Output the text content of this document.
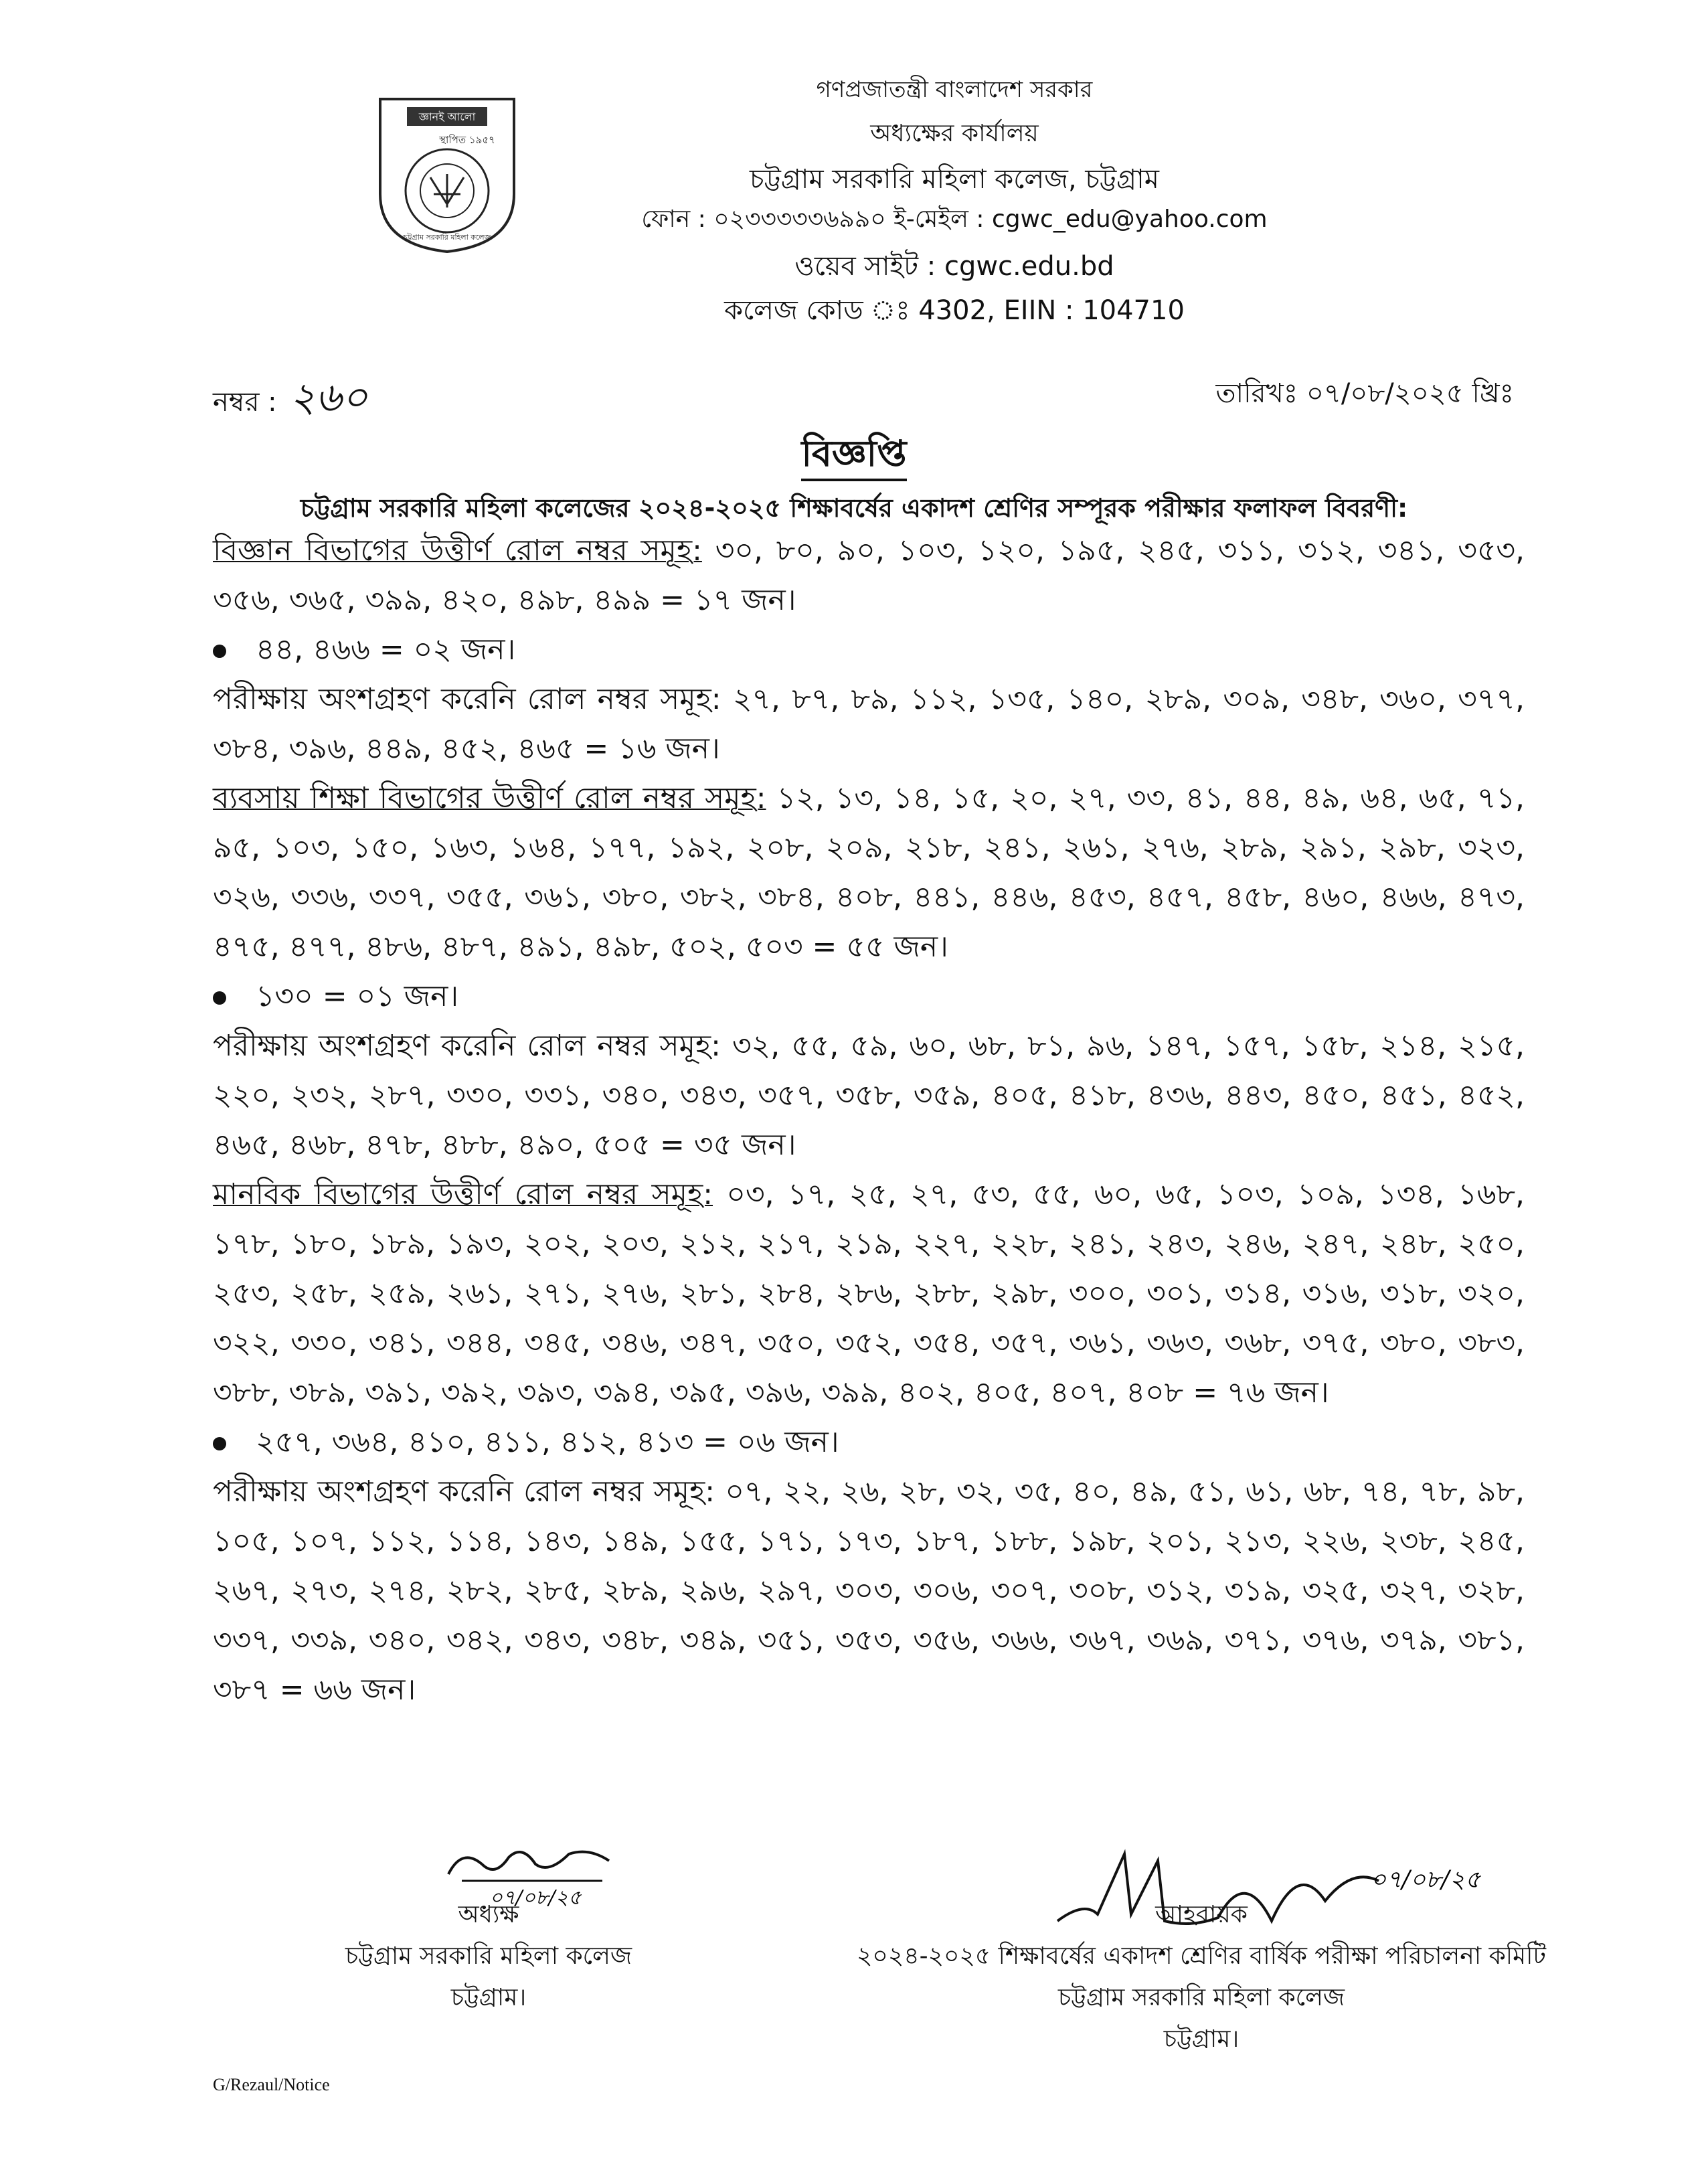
জ্ঞানই আলো
স্থাপিত ১৯৫৭
চট্টগ্রাম সরকারি মহিলা কলেজ
গণপ্রজাতন্ত্রী বাংলাদেশ সরকার
অধ্যক্ষের কার্যালয়
চট্টগ্রাম সরকারি মহিলা কলেজ, চট্টগ্রাম
ফোন : ০২৩৩৩৩৩৬৯৯০ ই-মেইল : cgwc_edu@yahoo.com
ওয়েব সাইট : cgwc.edu.bd
কলেজ কোড ঃ 4302, EIIN : 104710
নম্বর : ২৬০	তারিখঃ ০৭/০৮/২০২৫ খ্রিঃ
বিজ্ঞপ্তি
চট্টগ্রাম সরকারি মহিলা কলেজের ২০২৪-২০২৫ শিক্ষাবর্ষের একাদশ শ্রেণির সম্পূরক পরীক্ষার ফলাফল বিবরণী:

বিজ্ঞান বিভাগের উত্তীর্ণ রোল নম্বর সমূহ: ৩০, ৮০, ৯০, ১০৩, ১২০, ১৯৫, ২৪৫, ৩১১, ৩১২, ৩৪১, ৩৫৩, ৩৫৬, ৩৬৫, ৩৯৯, ৪২০, ৪৯৮, ৪৯৯ = ১৭ জন।

৪৪, ৪৬৬ = ০২ জন।

পরীক্ষায় অংশগ্রহণ করেনি রোল নম্বর সমূহ: ২৭, ৮৭, ৮৯, ১১২, ১৩৫, ১৪০, ২৮৯, ৩০৯, ৩৪৮, ৩৬০, ৩৭৭, ৩৮৪, ৩৯৬, ৪৪৯, ৪৫২, ৪৬৫ = ১৬ জন।

ব্যবসায় শিক্ষা বিভাগের উত্তীর্ণ রোল নম্বর সমূহ: ১২, ১৩, ১৪, ১৫, ২০, ২৭, ৩৩, ৪১, ৪৪, ৪৯, ৬৪, ৬৫, ৭১, ৯৫, ১০৩, ১৫০, ১৬৩, ১৬৪, ১৭৭, ১৯২, ২০৮, ২০৯, ২১৮, ২৪১, ২৬১, ২৭৬, ২৮৯, ২৯১, ২৯৮, ৩২৩, ৩২৬, ৩৩৬, ৩৩৭, ৩৫৫, ৩৬১, ৩৮০, ৩৮২, ৩৮৪, ৪০৮, ৪৪১, ৪৪৬, ৪৫৩, ৪৫৭, ৪৫৮, ৪৬০, ৪৬৬, ৪৭৩, ৪৭৫, ৪৭৭, ৪৮৬, ৪৮৭, ৪৯১, ৪৯৮, ৫০২, ৫০৩ = ৫৫ জন।

১৩০ = ০১ জন।

পরীক্ষায় অংশগ্রহণ করেনি রোল নম্বর সমূহ: ৩২, ৫৫, ৫৯, ৬০, ৬৮, ৮১, ৯৬, ১৪৭, ১৫৭, ১৫৮, ২১৪, ২১৫, ২২০, ২৩২, ২৮৭, ৩৩০, ৩৩১, ৩৪০, ৩৪৩, ৩৫৭, ৩৫৮, ৩৫৯, ৪০৫, ৪১৮, ৪৩৬, ৪৪৩, ৪৫০, ৪৫১, ৪৫২, ৪৬৫, ৪৬৮, ৪৭৮, ৪৮৮, ৪৯০, ৫০৫ = ৩৫ জন।

মানবিক বিভাগের উত্তীর্ণ রোল নম্বর সমূহ: ০৩, ১৭, ২৫, ২৭, ৫৩, ৫৫, ৬০, ৬৫, ১০৩, ১০৯, ১৩৪, ১৬৮, ১৭৮, ১৮০, ১৮৯, ১৯৩, ২০২, ২০৩, ২১২, ২১৭, ২১৯, ২২৭, ২২৮, ২৪১, ২৪৩, ২৪৬, ২৪৭, ২৪৮, ২৫০, ২৫৩, ২৫৮, ২৫৯, ২৬১, ২৭১, ২৭৬, ২৮১, ২৮৪, ২৮৬, ২৮৮, ২৯৮, ৩০০, ৩০১, ৩১৪, ৩১৬, ৩১৮, ৩২০, ৩২২, ৩৩০, ৩৪১, ৩৪৪, ৩৪৫, ৩৪৬, ৩৪৭, ৩৫০, ৩৫২, ৩৫৪, ৩৫৭, ৩৬১, ৩৬৩, ৩৬৮, ৩৭৫, ৩৮০, ৩৮৩, ৩৮৮, ৩৮৯, ৩৯১, ৩৯২, ৩৯৩, ৩৯৪, ৩৯৫, ৩৯৬, ৩৯৯, ৪০২, ৪০৫, ৪০৭, ৪০৮ = ৭৬ জন।

২৫৭, ৩৬৪, ৪১০, ৪১১, ৪১২, ৪১৩ = ০৬ জন।

পরীক্ষায় অংশগ্রহণ করেনি রোল নম্বর সমূহ: ০৭, ২২, ২৬, ২৮, ৩২, ৩৫, ৪০, ৪৯, ৫১, ৬১, ৬৮, ৭৪, ৭৮, ৯৮, ১০৫, ১০৭, ১১২, ১১৪, ১৪৩, ১৪৯, ১৫৫, ১৭১, ১৭৩, ১৮৭, ১৮৮, ১৯৮, ২০১, ২১৩, ২২৬, ২৩৮, ২৪৫, ২৬৭, ২৭৩, ২৭৪, ২৮২, ২৮৫, ২৮৯, ২৯৬, ২৯৭, ৩০৩, ৩০৬, ৩০৭, ৩০৮, ৩১২, ৩১৯, ৩২৫, ৩২৭, ৩২৮, ৩৩৭, ৩৩৯, ৩৪০, ৩৪২, ৩৪৩, ৩৪৮, ৩৪৯, ৩৫১, ৩৫৩, ৩৫৬, ৩৬৬, ৩৬৭, ৩৬৯, ৩৭১, ৩৭৬, ৩৭৯, ৩৮১, ৩৮৭ = ৬৬ জন।

০৭/০৮/২৫
০৭/০৮/২৫
অধ্যক্ষ
চট্টগ্রাম সরকারি মহিলা কলেজ
চট্টগ্রাম।
আহবায়ক
২০২৪-২০২৫ শিক্ষাবর্ষের একাদশ শ্রেণির বার্ষিক পরীক্ষা পরিচালনা কমিটি
চট্টগ্রাম সরকারি মহিলা কলেজ
চট্টগ্রাম।
G/Rezaul/Notice
